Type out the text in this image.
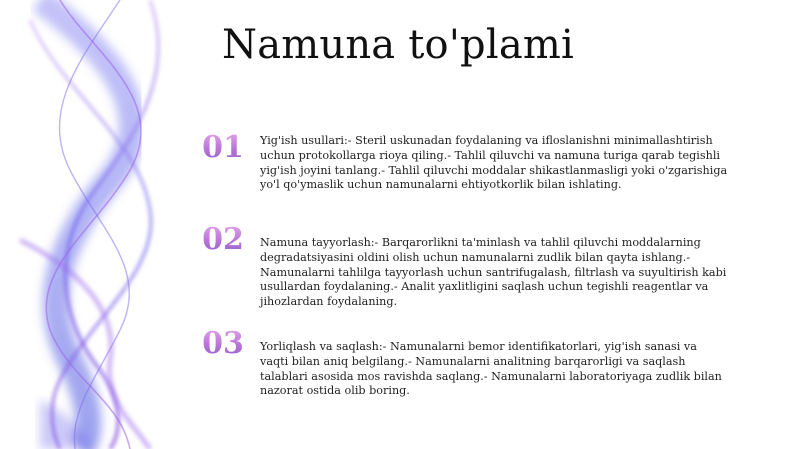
Namuna to'plami
01	Yig'ish usullari:- Steril uskunadan foydalaning va ifloslanishni minimallashtirish uchun protokollarga rioya qiling.- Tahlil qiluvchi va namuna turiga qarab tegishli yig'ish joyini tanlang.- Tahlil qiluvchi moddalar shikastlanmasligi yoki o'zgarishiga yo'l qo'ymaslik uchun namunalarni ehtiyotkorlik bilan ishlating.
02	Namuna tayyorlash:- Barqarorlikni ta'minlash va tahlil qiluvchi moddalarning degradatsiyasini oldini olish uchun namunalarni zudlik bilan qayta ishlang.- Namunalarni tahlilga tayyorlash uchun santrifugalash, filtrlash va suyultirish kabi usullardan foydalaning.- Analit yaxlitligini saqlash uchun tegishli reagentlar va jihozlardan foydalaning.
03	Yorliqlash va saqlash:- Namunalarni bemor identifikatorlari, yig'ish sanasi va vaqti bilan aniq belgilang.- Namunalarni analitning barqarorligi va saqlash talablari asosida mos ravishda saqlang.- Namunalarni laboratoriyaga zudlik bilan nazorat ostida olib boring.
